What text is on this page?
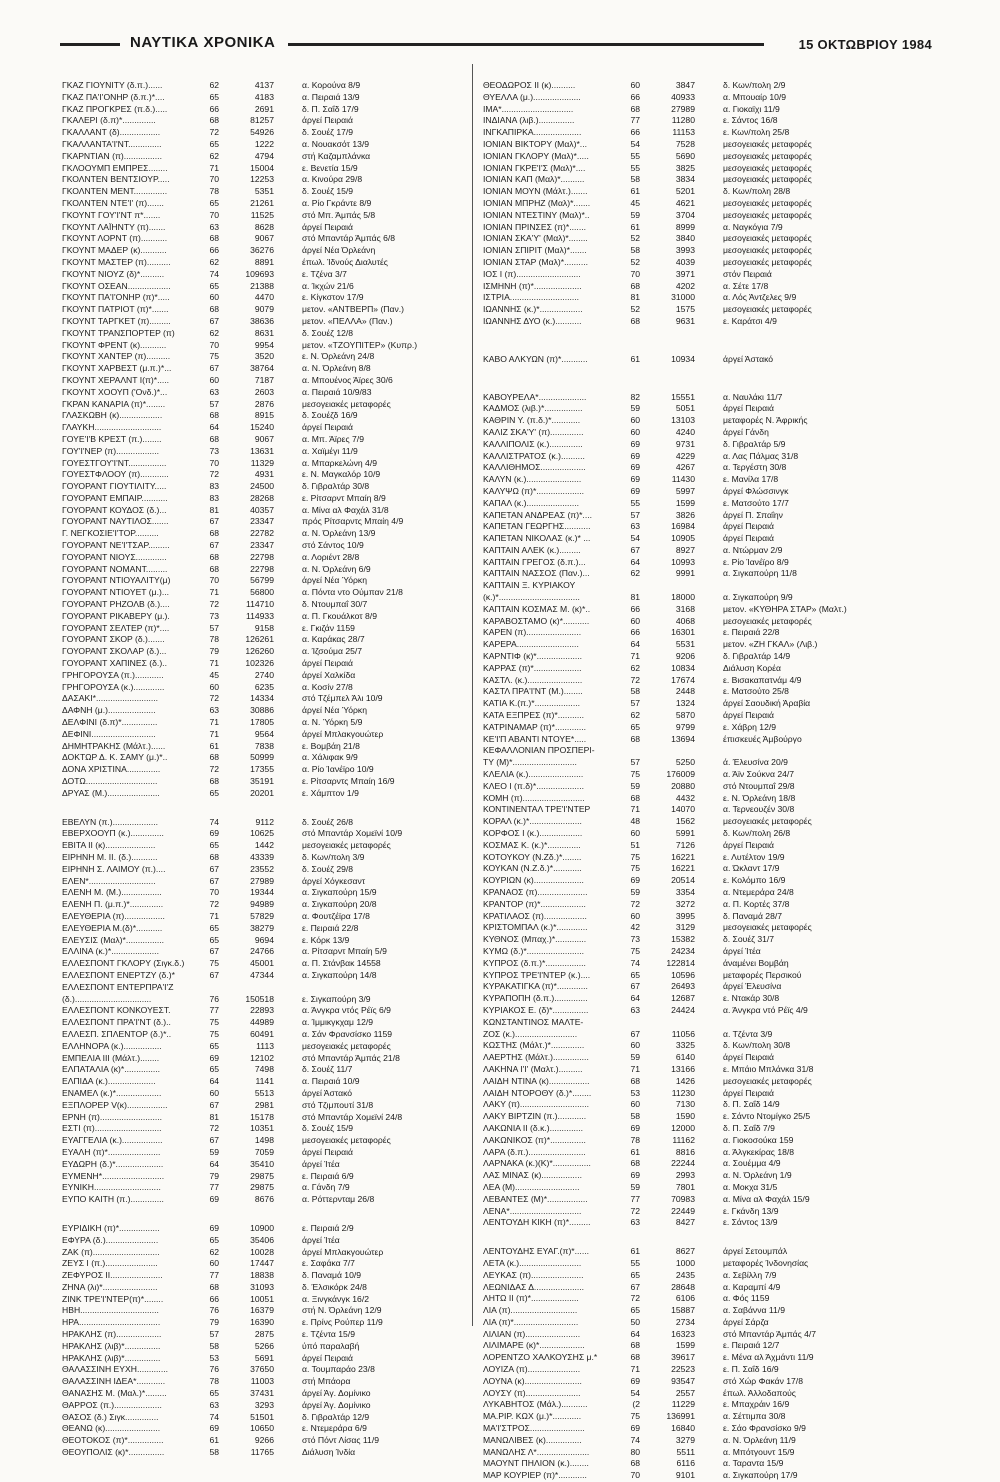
ΝΑΥΤΙΚΑ ΧΡΟΝΙΚΑ	15 ΟΚΤΩΒΡΙΟΥ 1984
ΓΚΑΖ ΓΙΟΥΝΙΤΥ (δ.π.)......	62	4137	α. Κορούνα 8/9
ΓΚΑΖ ΠΑ'Ι'ΟΝΗΡ (δ.π.)*....	65	4183	α. Πειραιά 13/9
ΓΚΑΖ ΠΡΟΓΚΡΕΣ (π.δ.).....	66	2691	δ. Π. Σαΐδ 17/9
ΓΚΑΛΕΡΙ (δ.π)*..............	68	81257	άργεί Πειραιά
ΓΚΑΛΛΑΝΤ (δ).................	72	54926	δ. Σουέζ 17/9
ΓΚΑΛΛΑΝΤΑ'Ι'ΝΤ..............	65	1222	α. Νουακσότ 13/9
ΓΚΑΡΝΤΙΑΝ (π)................	62	4794	στή Καζαμπλάνκα
ΓΚΛΟΟΥΜΠ ΕΜΠΡΕΣ........	71	15004	ε. Βενετία 15/9
ΓΚΟΛΝΤΕΝ ΒΕΝΤΣΙΟΥΡ.....	70	12253	α. Κινούρα 29/8
ΓΚΟΛΝΤΕΝ ΜΕΝΤ..............	78	5351	δ. Σουέζ 15/9
ΓΚΟΛΝΤΕΝ ΝΤΕ'Ι' (π).......	65	21261	α. Ρίο Γκράντε 8/9
ΓΚΟΥΝΤ ΓΟΥ'Ι'ΝΤ π*.......	70	11525	στό Μπ. Άμπάς 5/8
ΓΚΟΥΝΤ ΛΑΪΗΝΤΥ (π).......	63	8628	άργεί Πειραιά
ΓΚΟΥΝΤ ΛΟΡΝΤ (π)...........	68	9067	στό Μπαντάρ Άμπάς 6/8
ΓΚΟΥΝΤ ΜΑΔΕΡ (κ)...........	66	36276	άργεί Νέα Όρλεάνη
ΓΚΟΥΝΤ ΜΑΣΤΕΡ (π)..........	62	8891	έπωλ. Ίδνούς Διαλυτές
ΓΚΟΥΝΤ ΝΙΟΥΖ (δ)*..........	74	109693	ε. Τζένα 3/7
ΓΚΟΥΝΤ ΟΣΕΑΝ..................	65	21388	α. Ίκχών 21/6
ΓΚΟΥΝΤ ΠΑ'Ι'ΟΝΗΡ (π)*.....	60	4470	ε. Κίγκστον 17/9
ΓΚΟΥΝΤ ΠΑΤΡΙΟΤ (π)*.......	68	9079	μετον. «ΑΝΤΒΕΡΠ» (Παν.)
ΓΚΟΥΝΤ ΤΑΡΓΚΕΤ (π).........	67	38636	μετον. «ΠΕΛΛΑ» (Παν.)
ΓΚΟΥΝΤ ΤΡΑΝΣΠΟΡΤΕΡ (π)	62	8631	δ. Σουέζ 12/8
ΓΚΟΥΝΤ ΦΡΕΝΤ (κ)...........	70	9954	μετον. «ΤΖΟΥΠΙΤΕΡ» (Κυπρ.)
ΓΚΟΥΝΤ ΧΑΝΤΕΡ (π)..........	75	3520	ε. Ν. Όρλεάνη 24/8
ΓΚΟΥΝΤ ΧΑΡΒΕΣΤ (μ.π.)*...	67	38764	α. Ν. Όρλεάνη 8/8
ΓΚΟΥΝΤ ΧΕΡΑΛΝΤ Ι(π)*.....	60	7187	α. Μπουένος Άϊρες 30/6
ΓΚΟΥΝΤ ΧΟΟΥΠ ('Ονδ.)*...	63	2603	α. Πειραιά 10/9/83
ΓΚΡΑΝ ΚΑΝΑΡΙΑ (π)*........	57	2876	μεσογειακές μεταφορές
ΓΛΑΣΚΩΒΗ (κ)..................	68	8915	δ. Σουέζδ 16/9
ΓΛΑΥΚΗ............................	64	15240	άργεί Πειραιά
ΓΟΥΕ'Ι'Β ΚΡΕΣΤ (π.)........	68	9067	α. Μπ. Άϊρες 7/9
ΓΟΥ'Ι'ΝΕΡ (π)..................	73	13631	α. Χαϊμέγι 11/9
ΓΟΥΕΣΤΓΟΥ'Ι'ΝΤ................	70	11329	α. Μπαρκελώνη 4/9
ΓΟΥΕΣΤΦΛΟΟΥ (π)............	72	4931	ε. Ν. Μαγκαλόρ 10/9
ΓΟΥΟΡΑΝΤ ΓΙΟΥΤΙΛΙΤΥ.....	83	24500	δ. Γιβραλτάρ 30/8
ΓΟΥΟΡΑΝΤ ΕΜΠΑΙΡ...........	83	28268	ε. Ρίτσαρντ Μπαίη 8/9
ΓΟΥΟΡΑΝΤ ΚΟΥΔΟΣ (δ.)...	81	40357	α. Μίνα αλ Φαχάλ 31/8
ΓΟΥΟΡΑΝΤ ΝΑΥΤΙΛΟΣ.......	67	23347	πρός Ρίτσαρντς Μπαίη 4/9
Γ. ΝΕΓΚΟΣΙΕ'Ι'ΤΟΡ..........	68	22782	α. Ν. Όρλεάνη 13/9
ΓΟΥΟΡΑΝΤ ΝΕ'Ι'ΤΣΑΡ.........	67	23347	στό Σάντος 10/9
ΓΟΥΟΡΑΝΤ ΝΙΟΥΣ.............	68	22798	α. Λοριέντ 28/8
ΓΟΥΟΡΑΝΤ ΝΟΜΑΝΤ.........	68	22798	α. Ν. Όρλεάνη 6/9
ΓΟΥΟΡΑΝΤ ΝΤΙΟΥΑΛΙΤΥ(μ)	70	56799	άργεί Νέα Ύόρκη
ΓΟΥΟΡΑΝΤ ΝΤΙΟΥΕΤ (μ.)...	71	56800	α. Πόντα ντο Ούμπαν 21/8
ΓΟΥΟΡΑΝΤ ΡΗΖΟΛΒ (δ.)....	72	114710	δ. Ντουμπαΐ 30/7
ΓΟΥΟΡΑΝΤ ΡΙΚΑΒΕΡΥ (μ.).	73	114933	α. Π. Γκουάλκοτ 8/9
ΓΟΥΟΡΑΝΤ ΣΕΛΤΕΡ (π)*....	57	9158	ε. Γκιζάν 1159
ΓΟΥΟΡΑΝΤ ΣΚΟΡ (δ.).......	78	126261	α. Καράκας 28/7
ΓΟΥΟΡΑΝΤ ΣΚΟΛΑΡ (δ.)...	79	126260	α. Ίζσούμα 25/7
ΓΟΥΟΡΑΝΤ ΧΑΠΙΝΕΣ (δ.)..	71	102326	άργεί Πειραιά
ΓΡΗΓΟΡΟΥΣΑ (π.)............	45	2740	άργεί Χαλκίδα
ΓΡΗΓΟΡΟΥΣΑ (κ.).............	60	6235	α. Κοσίν 27/8
ΔΑΣΑΚΙ*..........................	72	14334	στό Τζέμπελ Άλι 10/9
ΔΑΦΝΗ (μ.)....................	63	30886	άργεί Νέα Ύόρκη
ΔΕΛΦΙΝΙ (δ.π)*...............	71	17805	α. Ν. Ύόρκη 5/9
ΔΕΦΙΝΙ...........................	71	9564	άργεί Μπλακγουώτερ
ΔΗΜΗΤΡΑΚΗΣ (Μάλτ.)......	61	7838	ε. Βομβάη 21/8
ΔΟΚΤΩΡ Δ. Κ. ΣΑΜΥ (μ.)*..	68	50999	α. Χάλιφακ 9/9
ΔΟΝΑ ΧΡΙΣΤΙΝΑ..............	72	17355	α. Ρίο Ίανέϊρο 10/9
ΔΟΤΩ..............................	68	35191	ε. Ρίτσαρντς Μπαίη 16/9
ΔΡΥΑΣ (Μ.)......................	65	20201	ε. Χάμπτον 1/9
ΕΒΕΛΥΝ (π.)...................	74	9112	δ. Σουέζ 26/8
ΕΒΕΡΧΟΟΥΠ (κ.)..............	69	10625	στό Μπαντάρ Χομεϊνί 10/9
ΕΒΙΤΑ ΙΙ (κ).....................	65	1442	μεσογειακές μεταφορές
ΕΙΡΗΝΗ Μ. ΙΙ. (δ.)...........	68	43339	δ. Κων/πολη 3/9
ΕΙΡΗΝΗ Σ. ΛΑΙΜΟΥ (π.)....	67	23552	δ. Σουέζ 29/8
ΕΛΕΝ*............................	67	27989	άργεί Χόγκεσαντ
ΕΛΕΝΗ Μ. (Μ.).................	70	19344	α. Σιγκαπούρη 15/9
ΕΛΕΝΗ Π. (μ.π.)*..............	72	94989	α. Σιγκαπούρη 20/8
ΕΛΕΥΘΕΡΙΑ (π).................	71	57829	α. Φουτζέϊρα 17/8
ΕΛΕΥΘΕΡΙΑ Μ.(δ)*...........	65	38279	ε. Πειραιά 22/8
ΕΛΕΥΣΙΣ (Μαλ)*................	65	9694	ε. Κόρκ 13/9
ΕΛΛΙΝΑ (κ.)*....................	67	24766	α. Ρίτσαρντ Μπαίη 5/9
ΕΛΛΕΣΠΟΝΤ ΓΚΛΟΡΥ (Σιγκ.δ.)	75	45001	α. Π. Στάνβακ 14558
ΕΛΛΕΣΠΟΝΤ ΕΝΕΡΤΖΥ (δ.)*	67	47344	α. Σιγκαπούρη 14/8
ΕΛΛΕΣΠΟΝΤ ΕΝΤΕΡΠΡΑ'Ι'Ζ
(δ.)................................	76	150518	ε. Σιγκαπούρη 3/9
ΕΛΛΕΣΠΟΝΤ ΚΟΝΚΟΥΕΣΤ.	77	22893	α. Άνγκρα ντός Ρέϊς 6/9
ΕΛΛΕΣΠΟΝΤ ΠΡΑ'Ι'ΝΤ (δ.)..	75	44989	α. Ίμμικγκχαμ 12/9
ΕΛΛΕΣΠ. ΣΠΛΕΝΤΟΡ (δ.)*..	75	60491	α. Σάν Φρανσίσκο 1159
ΕΛΛΗΝΟΡΑ (κ.)................	65	1113	μεσογειακές μεταφορές
ΕΜΠΕΛΙΑ ΙΙΙ (Μάλτ.)........	69	12102	στό Μπαντάρ Άμπάς 21/8
ΕΛΠΑΤΑΛΙΑ (κ)*...............	65	7498	δ. Σουέζ 11/7
ΕΛΠΙΔΑ (κ.)....................	64	1141	α. Πειραιά 10/9
ΕΝΑΜΕΛ (κ.)*...................	60	5513	άργεί Άστακό
ΕΞΠΛΟΡΕΡ V(κ).................	67	2981	στό Τζιμπουτί 31/8
ΕΡΝΗ (π)..........................	81	15178	στό Μπαντάρ Χομεϊνί 24/8
ΕΣΤΙ (π)............................	72	10351	δ. Σουέζ 15/9
ΕΥΑΓΓΕΛΙΑ (κ.).................	67	1498	μεσογειακές μεταφορές
ΕΥΑΛΗ (π)*......................	59	7059	άργεί Πειραιά
ΕΥΔΩΡΗ (δ.)*....................	64	35410	άργεί Ίτέα
ΕΥΜΕΝΗ*..........................	79	29875	ε. Πειραιά 6/9
ΕΥΝΙΚΗ............................	77	29875	α. Γάνδη 7/9
ΕΥΠΟ ΚΑΙΤΗ (π.)..............	69	8676	α. Ρόττερνταμ 26/8
ΕΥΡΙΔΙΚΗ (π)*.................	69	10900	ε. Πειραιά 2/9
ΕΦΥΡΑ (δ.)......................	65	35406	άργεί Ίτέα
ΖΑΚ (π)............................	62	10028	άργεί Μπλακγουώτερ
ΖΕΥΣ Ι (π.)......................	60	17447	ε. Σαφάκα 7/7
ΖΕΦΥΡΟΣ ΙΙ......................	77	18838	δ. Παναμά 10/9
ΖΗΝΑ (λι)*.......................	68	31093	δ. Έλσικόρκ 24/8
ΖΙΝΚ ΤΡΕ'Ι'ΝΤΕΡ(π)*........	66	10051	α. Ξινγκάνγκ 16/2
ΗΒΗ.................................	76	16379	στή Ν. Όρλεάνη 12/9
ΗΡΑ..................................	79	16390	ε. Πρίνς Ρούπερ 11/9
ΗΡΑΚΛΗΣ (π)...................	57	2875	ε. Τζέντα 15/9
ΗΡΑΚΛΗΣ (λιβ)*...............	58	5266	ύπό παραλαβή
ΗΡΑΚΛΗΣ (λιβ)*...............	53	5691	άργεί Πειραιά
ΘΑΛΑΣΣΙΝΗ ΕΥΧΗ.............	76	37650	α. Τουμπαράο 23/8
ΘΑΛΑΣΣΙΝΗ ΙΔΕΑ*............	78	11003	στή Μπάορα
ΘΑΝΑΣΗΣ Μ. (Μαλ.)*.........	65	37431	άργεί Άγ. Δομίνικο
ΘΑΡΡΟΣ (π.)....................	63	3293	άργεί Άγ. Δομίνικο
ΘΑΣΟΣ (δ.) Σιγκ..............	74	51501	δ. Γιβραλτάρ 12/9
ΘΕΑΝΩ (κ).......................	69	10650	ε. Ντεμεράρα 6/9
ΘΕΟΤΟΚΟΣ (π)*...............	61	9266	στό Πόντ Λίσας 11/9
ΘΕΟΥΠΟΛΙΣ (κ)*...............	58	11765	Διάλυση Ίνδία
ΘΕΟΔΩΡΟΣ ΙΙ (κ)..........	60	3847	δ. Κων/πολη 2/9
ΘΥΕΛΛΑ (μ.)....................	66	40933	α. Μπουαίρ 10/9
ΙΜΑ*..............................	68	27989	α. Γιοκαϊχι 11/9
ΙΝΔΙΑΝΑ (λιβ.)...............	77	11280	ε. Σάντος 16/8
ΙΝΓΚΑΠΙΡΚΑ....................	66	11153	ε. Κων/πολη 25/8
ΙΟΝΙΑΝ ΒΙΚΤΟΡΥ (Μαλ)*...	54	7528	μεσογειακές μεταφορές
ΙΟΝΙΑΝ ΓΚΛΟΡΥ (Μαλ)*.....	55	5690	μεσογειακές μεταφορές
ΙΟΝΙΑΝ ΓΚΡΕ'Ι'Σ (Μαλ)*....	55	3825	μεσογειακές μεταφορές
ΙΟΝΙΑΝ ΚΑΠ (Μαλ)*..........	58	3834	μεσογειακές μεταφορές
ΙΟΝΙΑΝ ΜΟΥΝ (Μάλτ.).......	61	5201	δ. Κων/πολη 28/8
ΙΟΝΙΑΝ ΜΠΡΗΖ (Μαλ)*.......	45	4621	μεσογειακές μεταφορές
ΙΟΝΙΑΝ ΝΤΕΣΤΙΝΥ (Μαλ)*..	59	3704	μεσογειακές μεταφορές
ΙΟΝΙΑΝ ΠΡΙΝΣΕΣ (π)*.......	61	8999	α. Ναγκόγια 7/9
ΙΟΝΙΑΝ ΣΚΑ'Υ' (Μαλ)*........	52	3840	μεσογειακές μεταφορές
ΙΟΝΙΑΝ ΣΠΙΡΙΤ (Μαλ)*.......	58	3993	μεσογειακές μεταφορές
ΙΟΝΙΑΝ ΣΤΑΡ (Μαλ)*..........	52	4039	μεσογειακές μεταφορές
ΙΟΣ Ι (π)...........................	70	3971	στόν Πειραιά
ΙΣΜΗΝΗ (π)*....................	68	4202	α. Σέτε 17/8
ΙΣΤΡΙΑ.............................	81	31000	α. Λός Άντζελες 9/9
ΙΩΑΝΝΗΣ (κ.)*..................	52	1575	μεσογειακές μεταφορές
ΙΩΑΝΝΗΣ ΔΥΟ (κ.)...........	68	9631	ε. Καράτσι 4/9
ΚΑΒΟ ΑΛΚΥΩΝ (π)*...........	61	10934	άργεί Άστακό
ΚΑΒΟΥΡΕΛΑ*....................	82	15551	α. Ναυλάκι 11/7
ΚΑΔΜΟΣ (λιβ.)*................	59	5051	άργεί Πειραιά
ΚΑΘΡΙΝ Υ. (π.δ.)*............	60	13103	μεταφορές Ν. Άφρικής
ΚΑΛΙΖ ΣΚΑ'Υ' (π)..............	60	4240	άργεί Γάνδη
ΚΑΛΛΙΠΟΛΙΣ (κ.)..............	69	9731	δ. Γιβραλτάρ 5/9
ΚΑΛΛΙΣΤΡΑΤΟΣ (κ.)..........	69	4229	α. Λας Πάλμας 31/8
ΚΑΛΛΙΘΗΜΟΣ...................	69	4267	α. Τεργέστη 30/8
ΚΑΛΥΝ (κ.).......................	69	11430	ε. Μανίλα 17/8
ΚΑΛΥΨΩ (π)*....................	69	5997	άργεί Φλώσσινγκ
ΚΑΠΑΛ (κ.)......................	55	1599	ε. Ματσούτο 17/7
ΚΑΠΕΤΑΝ ΑΝΔΡΕΑΣ (π)*....	57	3826	άργεί Π. Σπαΐην
ΚΑΠΕΤΑΝ ΓΕΩΡΓΗΣ...........	63	16984	άργεί Πειραιά
ΚΑΠΕΤΑΝ ΝΙΚΟΛΑΣ (κ.)* ...	54	10905	άργεί Πειραιά
ΚΑΠΤΑΙΝ ΑΛΕΚ (κ.).........	67	8927	α. Ντώρμαν 2/9
ΚΑΠΤΑΙΝ ΓΡΕΓΟΣ (δ.π.)...	64	10993	ε. Ρίο Ίανέϊρο 8/9
ΚΑΠΤΑΙΝ ΝΑΣΣΟΣ (Παν.)...	62	9991	α. Σιγκαπούρη 11/8
ΚΑΠΤΑΙΝ Ξ. ΚΥΡΙΑΚΟΥ
(κ.)*..................................	81	18000	α. Σιγκαπούρη 9/9
ΚΑΠΤΑΙΝ ΚΟΣΜΑΣ Μ. (κ)*..	66	3168	μετον. «ΚΥΘΗΡΑ ΣΤΑΡ» (Μαλτ.)
ΚΑΡΑΒΟΣΤΑΜΟ (κ)*...........	60	4068	μεσογειακές μεταφορές
ΚΑΡΕΝ (π).......................	66	16301	ε. Πειραιά 22/8
ΚΑΡΕΡΑ..........................	64	5531	μετον. «ΖΗ ΓΚΑΛ» (Λιβ.)
ΚΑΡΝΤΙΦ (κ)*...................	71	9206	δ. Γιβραλτάρ 14/9
ΚΑΡΡΑΣ (π)*....................	62	10834	Διάλυση Κορέα
ΚΑΣΤΛ. (κ.).......................	72	17674	ε. Βισακαπατνάμ 4/9
ΚΑΣΤΛ ΠΡΑ'Ι'ΝΤ (Μ.)........	58	2448	ε. Ματσούτο 25/8
ΚΑΤΙΑ Κ.(π.)*...................	57	1324	άργεί Σαουδική Άραβία
ΚΑΤΑ ΕΞΠΡΕΣ (π)*...........	62	5870	άργεί Πειραιά
ΚΑΤΡΙΝΑΜΑΡ (π)*.............	65	9799	ε. Χάβρη 12/9
ΚΕ'Ι'Π ΑΒΑΝΤΙ ΝΤΟΥΕ*.....	68	13694	έπισκευές Άμβούργο
ΚΕΦΑΛΛΟΝΙΑΝ ΠΡΟΣΠΕΡΙ-
ΤΥ (Μ)*...........................	57	5250	ά. Έλευσίνα 20/9
ΚΛΕΛΙΑ (κ.).......................	75	176009	α. Άϊν Σούκνα 24/7
ΚΛΕΟ Ι (π.δ)*....................	59	20880	στό Ντουμπαΐ 29/8
ΚΟΜΗ (π)..........................	68	4432	ε. Ν. Όρλεάνη 18/8
ΚΟΝΤΙΝΕΝΤΑΛ ΤΡΕ'Ι'ΝΤΕΡ	71	14070	α. Τερνεουζέν 30/8
ΚΟΡΑΛ (κ.)*......................	48	1562	μεσογειακές μεταφορές
ΚΟΡΦΟΣ Ι (κ.)..................	60	5991	δ. Κων/πολη 26/8
ΚΟΣΜΑΣ Κ. (κ.)*..............	51	7126	άργεί Πειραιά
ΚΟΤΟΥΚΟΥ (Ν.Ζδ.)*........	75	16221	ε. Λυτέλτον 19/9
ΚΟΥΚΑΝ (Ν.Ζ.δ.)*............	75	16221	α. Ώκλαντ 17/9
ΚΟΥΡΙΩΝ (κ).....................	69	20514	ε. Κολόμπο 16/9
ΚΡΑΝΑΟΣ (π).....................	59	3354	α. Ντεμεράρα 24/8
ΚΡΑΝΤΟΡ (π)*...................	72	3272	α. Π. Κορτές 37/8
ΚΡΑΤΙΛΑΟΣ (π)..................	60	3995	δ. Παναμά 28/7
ΚΡΙΣΤΟΜΠΑΛ (κ.)*.............	42	3129	μεσογειακές μεταφορές
ΚΥΘΝΟΣ (Μπαχ.)*.............	73	15382	δ. Σουέζ 31/7
ΚΥΜΩ (δ.)*........................	75	24234	άργεί Ίτέα
ΚΥΠΡΟΣ (δ.π.)*.................	74	122814	άναμένει Βομβάη
ΚΥΠΡΟΣ ΤΡΕ'Ι'ΝΤΕΡ (κ.)....	65	10596	μεταφορές Περσικού
ΚΥΡΑΚΑΤΙΓΚΑ (π)*.............	67	26493	άργεί Έλευσίνα
ΚΥΡΑΠΟΠΗ (δ.π.)..............	64	12687	ε. Ντακάρ 30/8
ΚΥΡΙΑΚΟΣ Ε. (δ)*...............	63	24424	α. Άνγκρα ντό Ρέϊς 4/9
ΚΩΝΣΤΑΝΤΙΝΟΣ ΜΑΛΤΕ-
ΖΟΣ (κ.)..........................	67	11056	α. Τζέντα 3/9
ΚΩΣΤΗΣ (Μάλτ.)*..............	60	3325	δ. Κων/πολη 30/8
ΛΑΕΡΤΗΣ (Μάλτ.)...............	59	6140	άργεί Πειραιά
ΛΑΚΗΝΑ Ι'Ι' (Μαλτ.)..........	71	13166	ε. Μπάιο Μπλάνκα 31/8
ΛΑΙΔΗ ΝΤΙΝΑ (κ).................	68	1426	μεσογειακές μεταφορές
ΛΑΙΔΗ ΝΤΟΡΟΘΥ (δ.)*........	53	11230	άργεί Πειραιά
ΛΑΚΥ (π).............................	60	7130	δ. Π. Σαΐδ 14/9
ΛΑΚΥ ΒΙΡΤΖΙΝ (π.)............	58	1590	ε. Σάντο Ντομίγκο 25/5
ΛΑΚΩΝΙΑ ΙΙ (δ.κ.)..............	69	12000	δ. Π. Σαΐδ 7/9
ΛΑΚΩΝΙΚΟΣ (π)*...............	78	11162	α. Γιοκοσούκα 159
ΛΑΡΑ (δ.π.)........................	61	8816	α. Άλγκεκίρας 18/8
ΛΑΡΝΑΚΑ (κ.)(Κ)*................	68	22244	α. Σουέμμα 4/9
ΛΑΣ ΜΙΝΑΣ (κ).................	69	2993	α. Ν. Όρλεάνη 1/9
ΛΕΑ (Μ)...........................	59	7801	α. Μοκχα 31/5
ΛΕΒΑΝΤΕΣ (Μ)*.................	77	70983	α. Μίνα αλ Φαχάλ 15/9
ΛΕΝΑ*..............................	72	22449	ε. Γκάνδη 13/9
ΛΕΝΤΟΥΔΗ ΚΙΚΗ (π)*.........	63	8427	ε. Σάντος 13/9
ΛΕΝΤΟΥΔΗΣ ΕΥΑΓ.(π)*......	61	8627	άργεί Σετουμπάλ
ΛΕΤΑ (κ.)..........................	55	1000	μεταφορές Ίνδονησίας
ΛΕΥΚΑΣ (π)......................	65	2435	α. Σεβίλλη 7/9
ΛΕΩΝΙΔΑΣ Δ.....................	67	28648	α. Καραμπί 4/9
ΛΗΤΩ ΙΙ (π)*....................	72	6106	α. Φός 1159
ΛΙΑ (π)............................	65	15887	α. Σαβάννα 11/9
ΛΙΑ (π)*...........................	50	2734	άργεί Σάρζα
ΛΙΛΙΑΝ (π).......................	64	16323	στό Μπαντάρ Άμπάς 4/7
ΛΙΛΙΜΑΡΕ (κ)*...................	68	1599	ε. Πειραιά 12/7
ΛΟΡΕΝΤΖΟ ΧΑΛΚΟΥΣΗΣ μ.*	68	39617	ε. Μένα αλ Άχμάντι 11/9
ΛΟΥΙΖΑ (π)......................	71	22523	ε. Π. Σαΐδ 16/9
ΛΟΥΝΑ (κ)........................	69	93547	στό Χώρ Φακάν 17/8
ΛΟΥΣΥ (π).......................	54	2557	έπωλ. Άλλοδαπούς
ΛΥΚΑΒΗΤΟΣ (Μάλ.)...........	(2	11229	ε. Μπαχράιν 16/9
ΜΑ.ΡΙΡ. ΚΩΧ (μ.)*............	75	136991	α. Σέττιμπα 30/8
ΜΑ'Ι'ΣΤΡΟΣ.......................	69	16840	ε. Σάο Φρανσίσκο 9/9
ΜΑΝΩΛΙΒΕΣ (κ)...............	74	3279	α. Ν. Όρλεάνη 11/9
ΜΑΝΩΛΗΣ Λ*......................	80	5511	α. Μπότγουντ 15/9
ΜΑΟΥΝΤ ΠΗΛΙΟΝ (κ.)........	68	6116	α. Ταραντα 15/9
ΜΑΡ ΚΟΥΡΙΕΡ (π)*............	70	9101	α. Σιγκαπούρη 17/9
